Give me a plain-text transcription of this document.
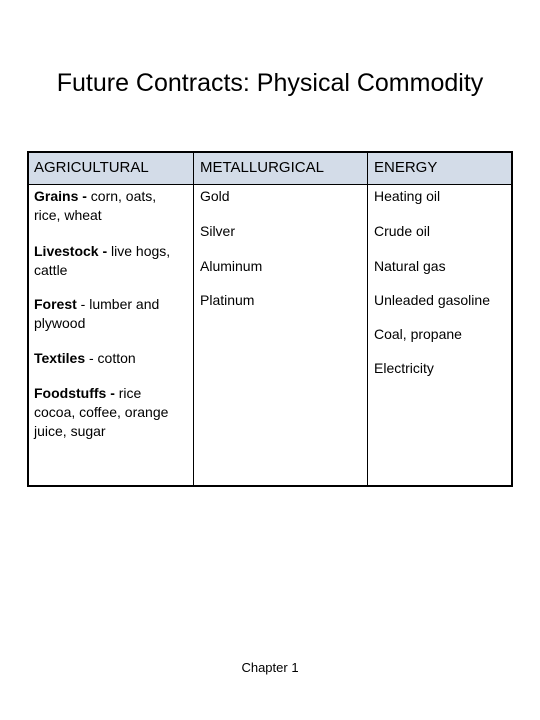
Future Contracts: Physical Commodity
AGRICULTURAL	METALLURGICAL	ENERGY
Grains - corn, oats, rice, wheat
Livestock - live hogs, cattle
Forest - lumber and plywood
Textiles - cotton
Foodstuffs - rice cocoa, coffee, orange juice, sugar
Gold
Silver
Aluminum
Platinum
Heating oil
Crude oil
Natural gas
Unleaded gasoline
Coal, propane
Electricity
Chapter 1
